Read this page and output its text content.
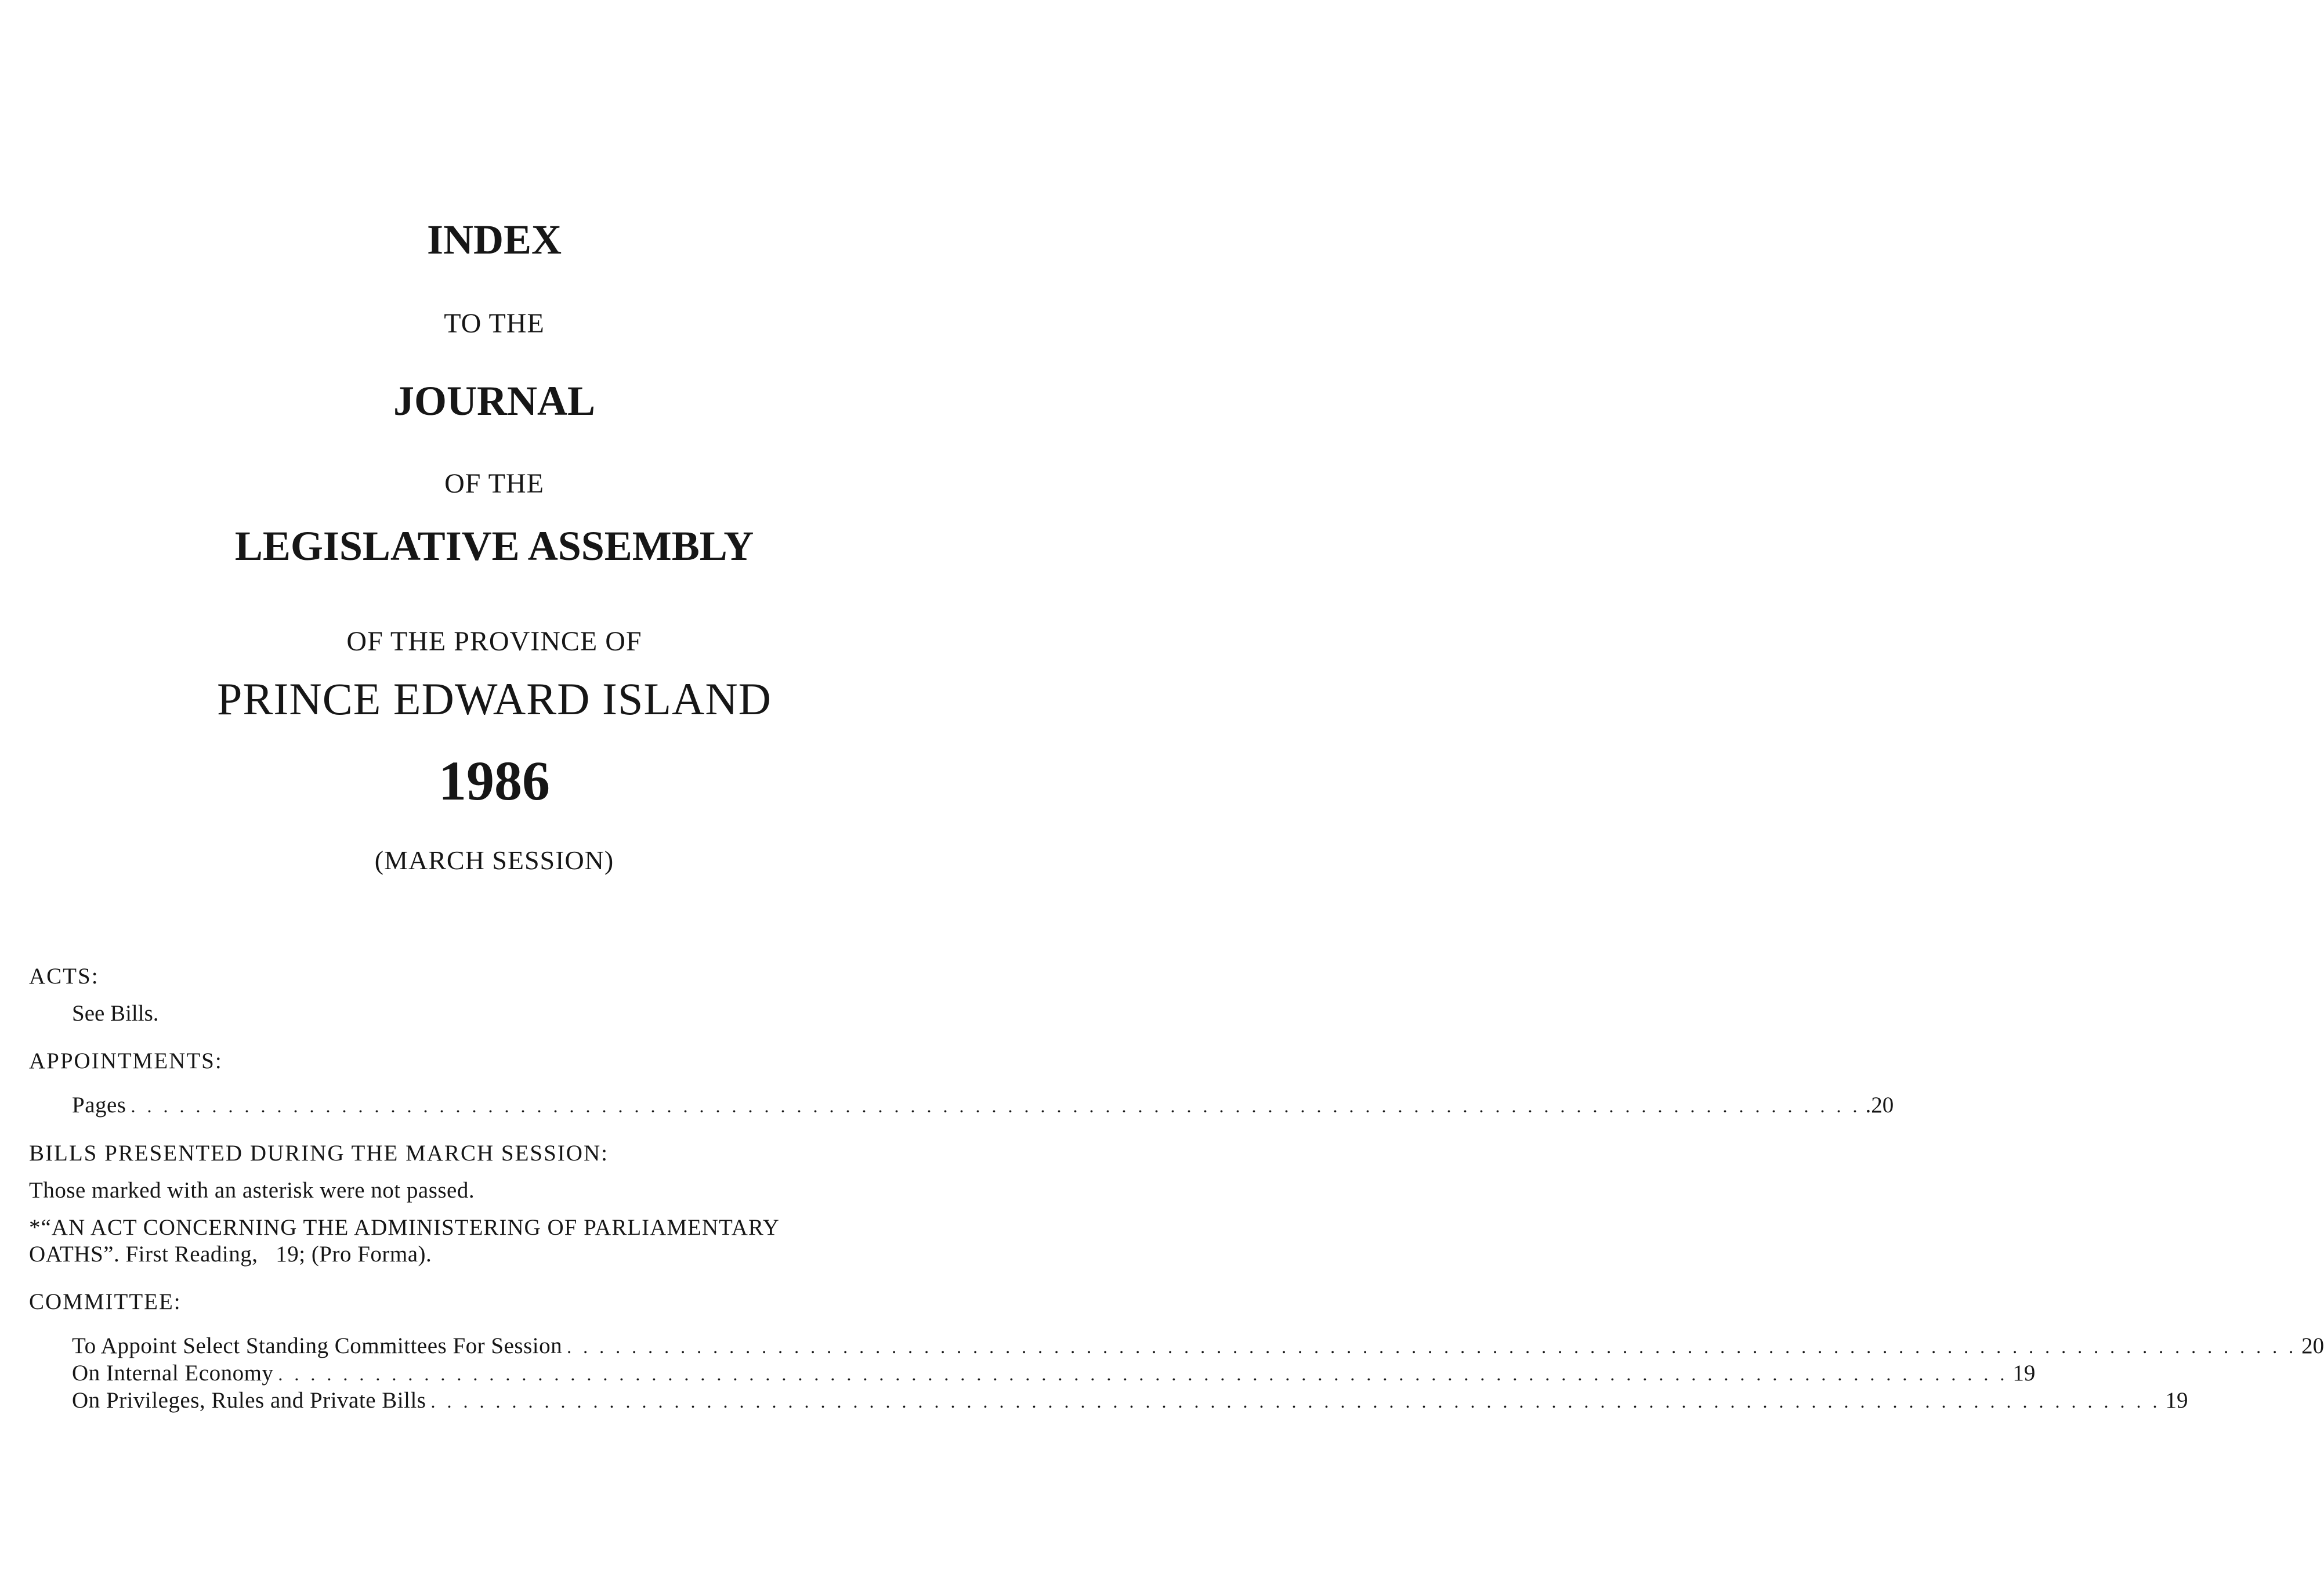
INDEX
TO THE
JOURNAL
OF THE
LEGISLATIVE ASSEMBLY
OF THE PROVINCE OF
PRINCE EDWARD ISLAND
1986
(MARCH SESSION)

ACTS:

See Bills.

APPOINTMENTS:

Pages . . . . . . . . . . . . . . . . . . . . . . . . . . . . . . . . . . . . . . . . . . . . . . . . . . . . . . . . . . . . . . . . . . . . . . . . . . . . . . . . . . . . . . . . . . . . . . . . . . . . . . . . . . . .20

BILLS PRESENTED DURING THE MARCH SESSION:

Those marked with an asterisk were not passed.

*“AN ACT CONCERNING THE ADMINISTERING OF PARLIAMENTARY

OATHS”. First Reading,   19; (Pro Forma).

COMMITTEE:

To Appoint Select Standing Committees For Session . . . . . . . . . . . . . . . . . . . . . . . . . . . . . . . . . . . . . . . . . . . . . . . . . . . . . . . . . . . . . . . . . . . . . . . . . . . . . . . . . . . . . . . . . . . . . . . . . . . . . . . . . . . 20
On Internal Economy . . . . . . . . . . . . . . . . . . . . . . . . . . . . . . . . . . . . . . . . . . . . . . . . . . . . . . . . . . . . . . . . . . . . . . . . . . . . . . . . . . . . . . . . . . . . . . . . . . . . . . . . . . . 19
On Privileges, Rules and Private Bills . . . . . . . . . . . . . . . . . . . . . . . . . . . . . . . . . . . . . . . . . . . . . . . . . . . . . . . . . . . . . . . . . . . . . . . . . . . . . . . . . . . . . . . . . . . . . . . . . . . . . . . . . . . 19
